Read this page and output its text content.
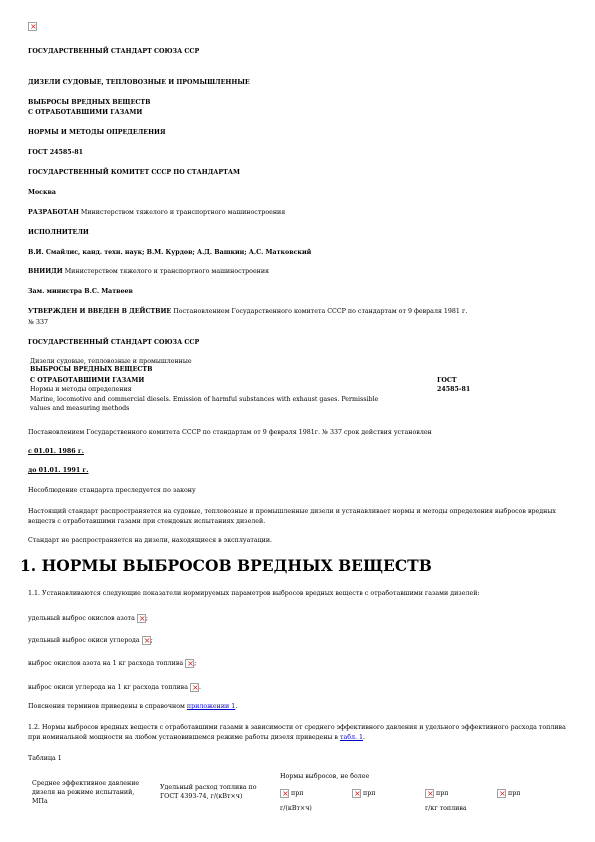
×
ГОСУДАРСТВЕННЫЙ СТАНДАРТ СОЮЗА ССР
ДИЗЕЛИ СУДОВЫЕ, ТЕПЛОВОЗНЫЕ И ПРОМЫШЛЕННЫЕ
ВЫБРОСЫ ВРЕДНЫХ ВЕЩЕСТВ
С ОТРАБОТАВШИМИ ГАЗАМИ
НОРМЫ И МЕТОДЫ ОПРЕДЕЛЕНИЯ
ГОСТ 24585-81
ГОСУДАРСТВЕННЫЙ КОМИТЕТ СССР ПО СТАНДАРТАМ
Москва
РАЗРАБОТАН Министерством тяжелого и транспортного машиностроения
ИСПОЛНИТЕЛИ
В.И. Смайлис, канд. техн. наук; В.М. Курдов; А.Д. Вашкин; А.С. Матковский
ВНИИДИ Министерством тяжелого и транспортного машиностроения
Зам. министра В.С. Матвеев
УТВЕРЖДЕН И ВВЕДЕН В ДЕЙСТВИЕ Постановлением Государственного комитета СССР по стандартам от 9 февраля 1981 г.
№ 337
ГОСУДАРСТВЕННЫЙ СТАНДАРТ СОЮЗА ССР
Дизели судовые, тепловозные и промышленные
ВЫБРОСЫ ВРЕДНЫХ ВЕЩЕСТВ
С ОТРАБОТАВШИМИ ГАЗАМИ
Нормы и методы определения
Marine, locomotive and commercial diesels. Emission of harmful substances with exhaust gases. Permissible
values and measuring methods
ГОСТ
24585-81
Постановлением Государственного комитета СССР по стандартам от 9 февраля 1981г. № 337 срок действия установлен
с 01.01. 1986 г.
до 01.01. 1991 г.
Несоблюдение стандарта преследуется по закону
Настоящий стандарт распространяется на судовые, тепловозные и промышленные дизели и устанавливает нормы и методы определения выбросов вредных веществ с отработавшими газами при стендовых испытаниях дизелей.
Стандарт не распространяется на дизели, находящиеся в эксплуатации.
1. НОРМЫ ВЫБРОСОВ ВРЕДНЫХ ВЕЩЕСТВ
1.1. Устанавливаются следующие показатели нормируемых параметров выбросов вредных веществ с отработавшими газами дизелей:
удельный выброс окислов азота × ;
удельный выброс окиси углерода × ;
выброс окислов азота на 1 кг расхода топлива × ;
выброс окиси углерода на 1 кг расхода топлива × .
Пояснения терминов приведены в справочном приложении 1.
1.2. Нормы выбросов вредных веществ с отработавшими газами в зависимости от среднего эффективного давления и удельного эффективного расхода топлива при номинальной мощности на любом установившемся режиме работы дизеля приведены в табл. 1.
Таблица 1
Среднее эффективное давление
дизеля на режиме испытаний,
МПа
Удельный расход топлива по
ГОСТ 4393-74, г/(кВт×ч)
Нормы выбросов, не более
× прп ×	прп ×	прп ×	прп
г/(кВт×ч)	г/кг топлива
